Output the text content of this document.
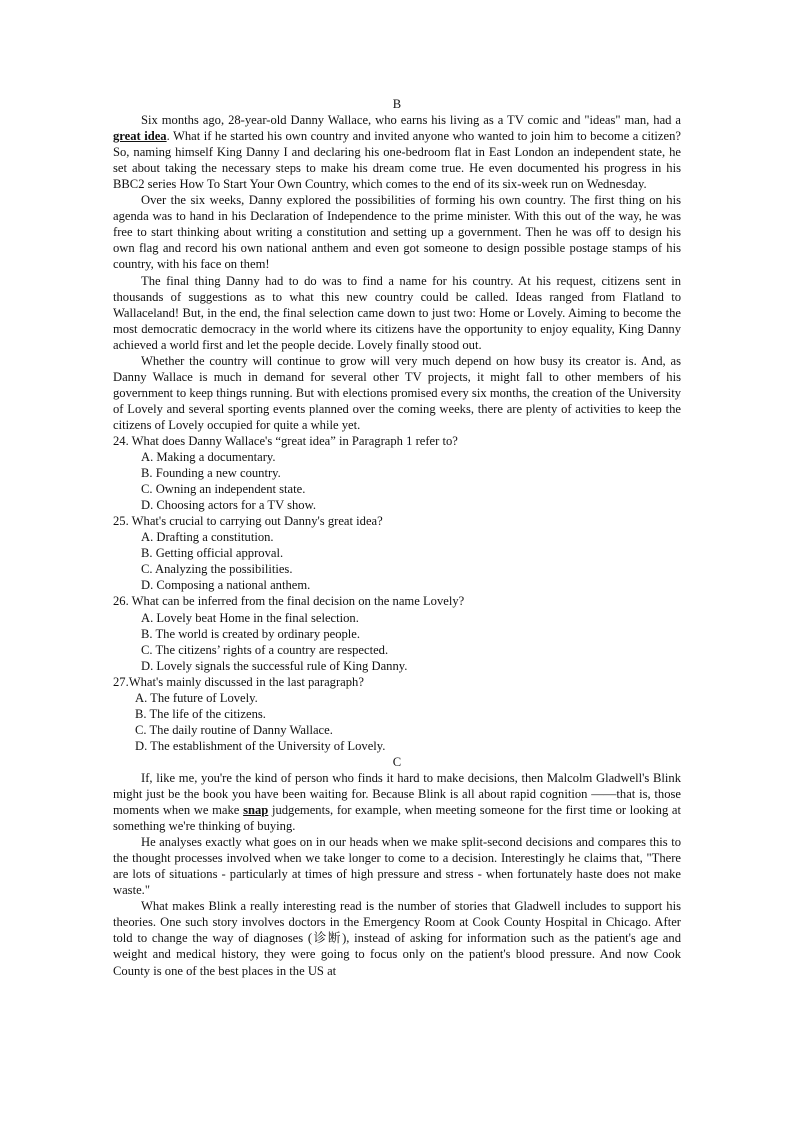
B
Six months ago, 28-year-old Danny Wallace, who earns his living as a TV comic and "ideas" man, had a great idea. What if he started his own country and invited anyone who wanted to join him to become a citizen? So, naming himself King Danny I and declaring his one-bedroom flat in East London an independent state, he set about taking the necessary steps to make his dream come true. He even documented his progress in his BBC2 series How To Start Your Own Country, which comes to the end of its six-week run on Wednesday.
Over the six weeks, Danny explored the possibilities of forming his own country. The first thing on his agenda was to hand in his Declaration of Independence to the prime minister. With this out of the way, he was free to start thinking about writing a constitution and setting up a government. Then he was off to design his own flag and record his own national anthem and even got someone to design possible postage stamps of his country, with his face on them!
The final thing Danny had to do was to find a name for his country. At his request, citizens sent in thousands of suggestions as to what this new country could be called. Ideas ranged from Flatland to Wallaceland! But, in the end, the final selection came down to just two: Home or Lovely. Aiming to become the most democratic democracy in the world where its citizens have the opportunity to enjoy equality, King Danny achieved a world first and let the people decide. Lovely finally stood out.
Whether the country will continue to grow will very much depend on how busy its creator is. And, as Danny Wallace is much in demand for several other TV projects, it might fall to other members of his government to keep things running. But with elections promised every six months, the creation of the University of Lovely and several sporting events planned over the coming weeks, there are plenty of activities to keep the citizens of Lovely occupied for quite a while yet.
24. What does Danny Wallace's “great idea” in Paragraph 1 refer to?
A. Making a documentary.
B. Founding a new country.
C. Owning an independent state.
D. Choosing actors for a TV show.
25. What's crucial to carrying out Danny's great idea?
A. Drafting a constitution.
B. Getting official approval.
C. Analyzing the possibilities.
D. Composing a national anthem.
26. What can be inferred from the final decision on the name Lovely?
A. Lovely beat Home in the final selection.
B. The world is created by ordinary people.
C. The citizens’ rights of a country are respected.
D. Lovely signals the successful rule of King Danny.
27.What's mainly discussed in the last paragraph?
A. The future of Lovely.
B. The life of the citizens.
C. The daily routine of Danny Wallace.
D. The establishment of the University of Lovely.
C
If, like me, you're the kind of person who finds it hard to make decisions, then Malcolm Gladwell's Blink might just be the book you have been waiting for. Because Blink is all about rapid cognition ——that is, those moments when we make snap judgements, for example, when meeting someone for the first time or looking at something we're thinking of buying.
He analyses exactly what goes on in our heads when we make split-second decisions and compares this to the thought processes involved when we take longer to come to a decision. Interestingly he claims that, "There are lots of situations - particularly at times of high pressure and stress - when fortunately haste does not make waste."
What makes Blink a really interesting read is the number of stories that Gladwell includes to support his theories. One such story involves doctors in the Emergency Room at Cook County Hospital in Chicago. After told to change the way of diagnoses (诊断), instead of asking for information such as the patient's age and weight and medical history, they were going to focus only on the patient's blood pressure. And now Cook County is one of the best places in the US at
